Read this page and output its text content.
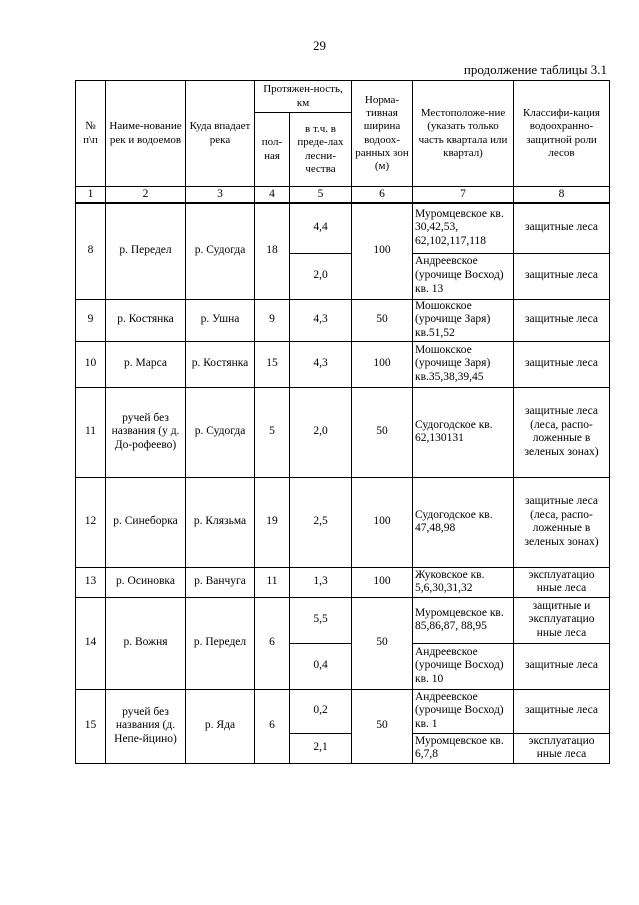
29
продолжение таблицы 3.1
№ п\п	Наиме-нование рек и водоемов	Куда впадает река	Протяжен-ность, км		Норма-тивная ширина водоох-ранных зон (м)	Местоположе-ние (указать только часть квартала или квартал)	Классифи-кация водоохранно-защитной роли лесов
			пол-ная	в т.ч. в преде-лах лесни-чества			
1	2	3	4	5	6	7	8
8	р. Передел	р. Судогда	18	4,4	100	Муромцевское кв. 30,42,53, 62,102,117,118	защитные леса
				2,0		Андреевское (урочище Восход) кв. 13	защитные леса
9	р. Костянка	р. Ушна	9	4,3	50	Мошокское (урочище Заря) кв.51,52	защитные леса
10	р. Марса	р. Костянка	15	4,3	100	Мошокское (урочище Заря) кв.35,38,39,45	защитные леса
11	ручей без названия (у д. До-рофеево)	р. Судогда	5	2,0	50	Судогодское кв. 62,130131	защитные леса (леса, распо-ложенные в зеленых зонах)
12	р. Синеборка	р. Клязьма	19	2,5	100	Судогодское кв. 47,48,98	защитные леса (леса, распо-ложенные в зеленых зонах)
13	р. Осиновка	р. Ванчуга	11	1,3	100	Жуковское кв. 5,6,30,31,32	эксплуатацио нные леса
14	р. Вожня	р. Передел	6	5,5	50	Муромцевское кв. 85,86,87, 88,95	защитные и эксплуатацио нные леса
				0,4		Андреевское (урочище Восход) кв. 10	защитные леса
15	ручей без названия (д. Непе-йцино)	р. Яда	6	0,2	50	Андреевское (урочище Восход) кв. 1	защитные леса
				2,1		Муромцевское кв. 6,7,8	эксплуатацио нные леса
